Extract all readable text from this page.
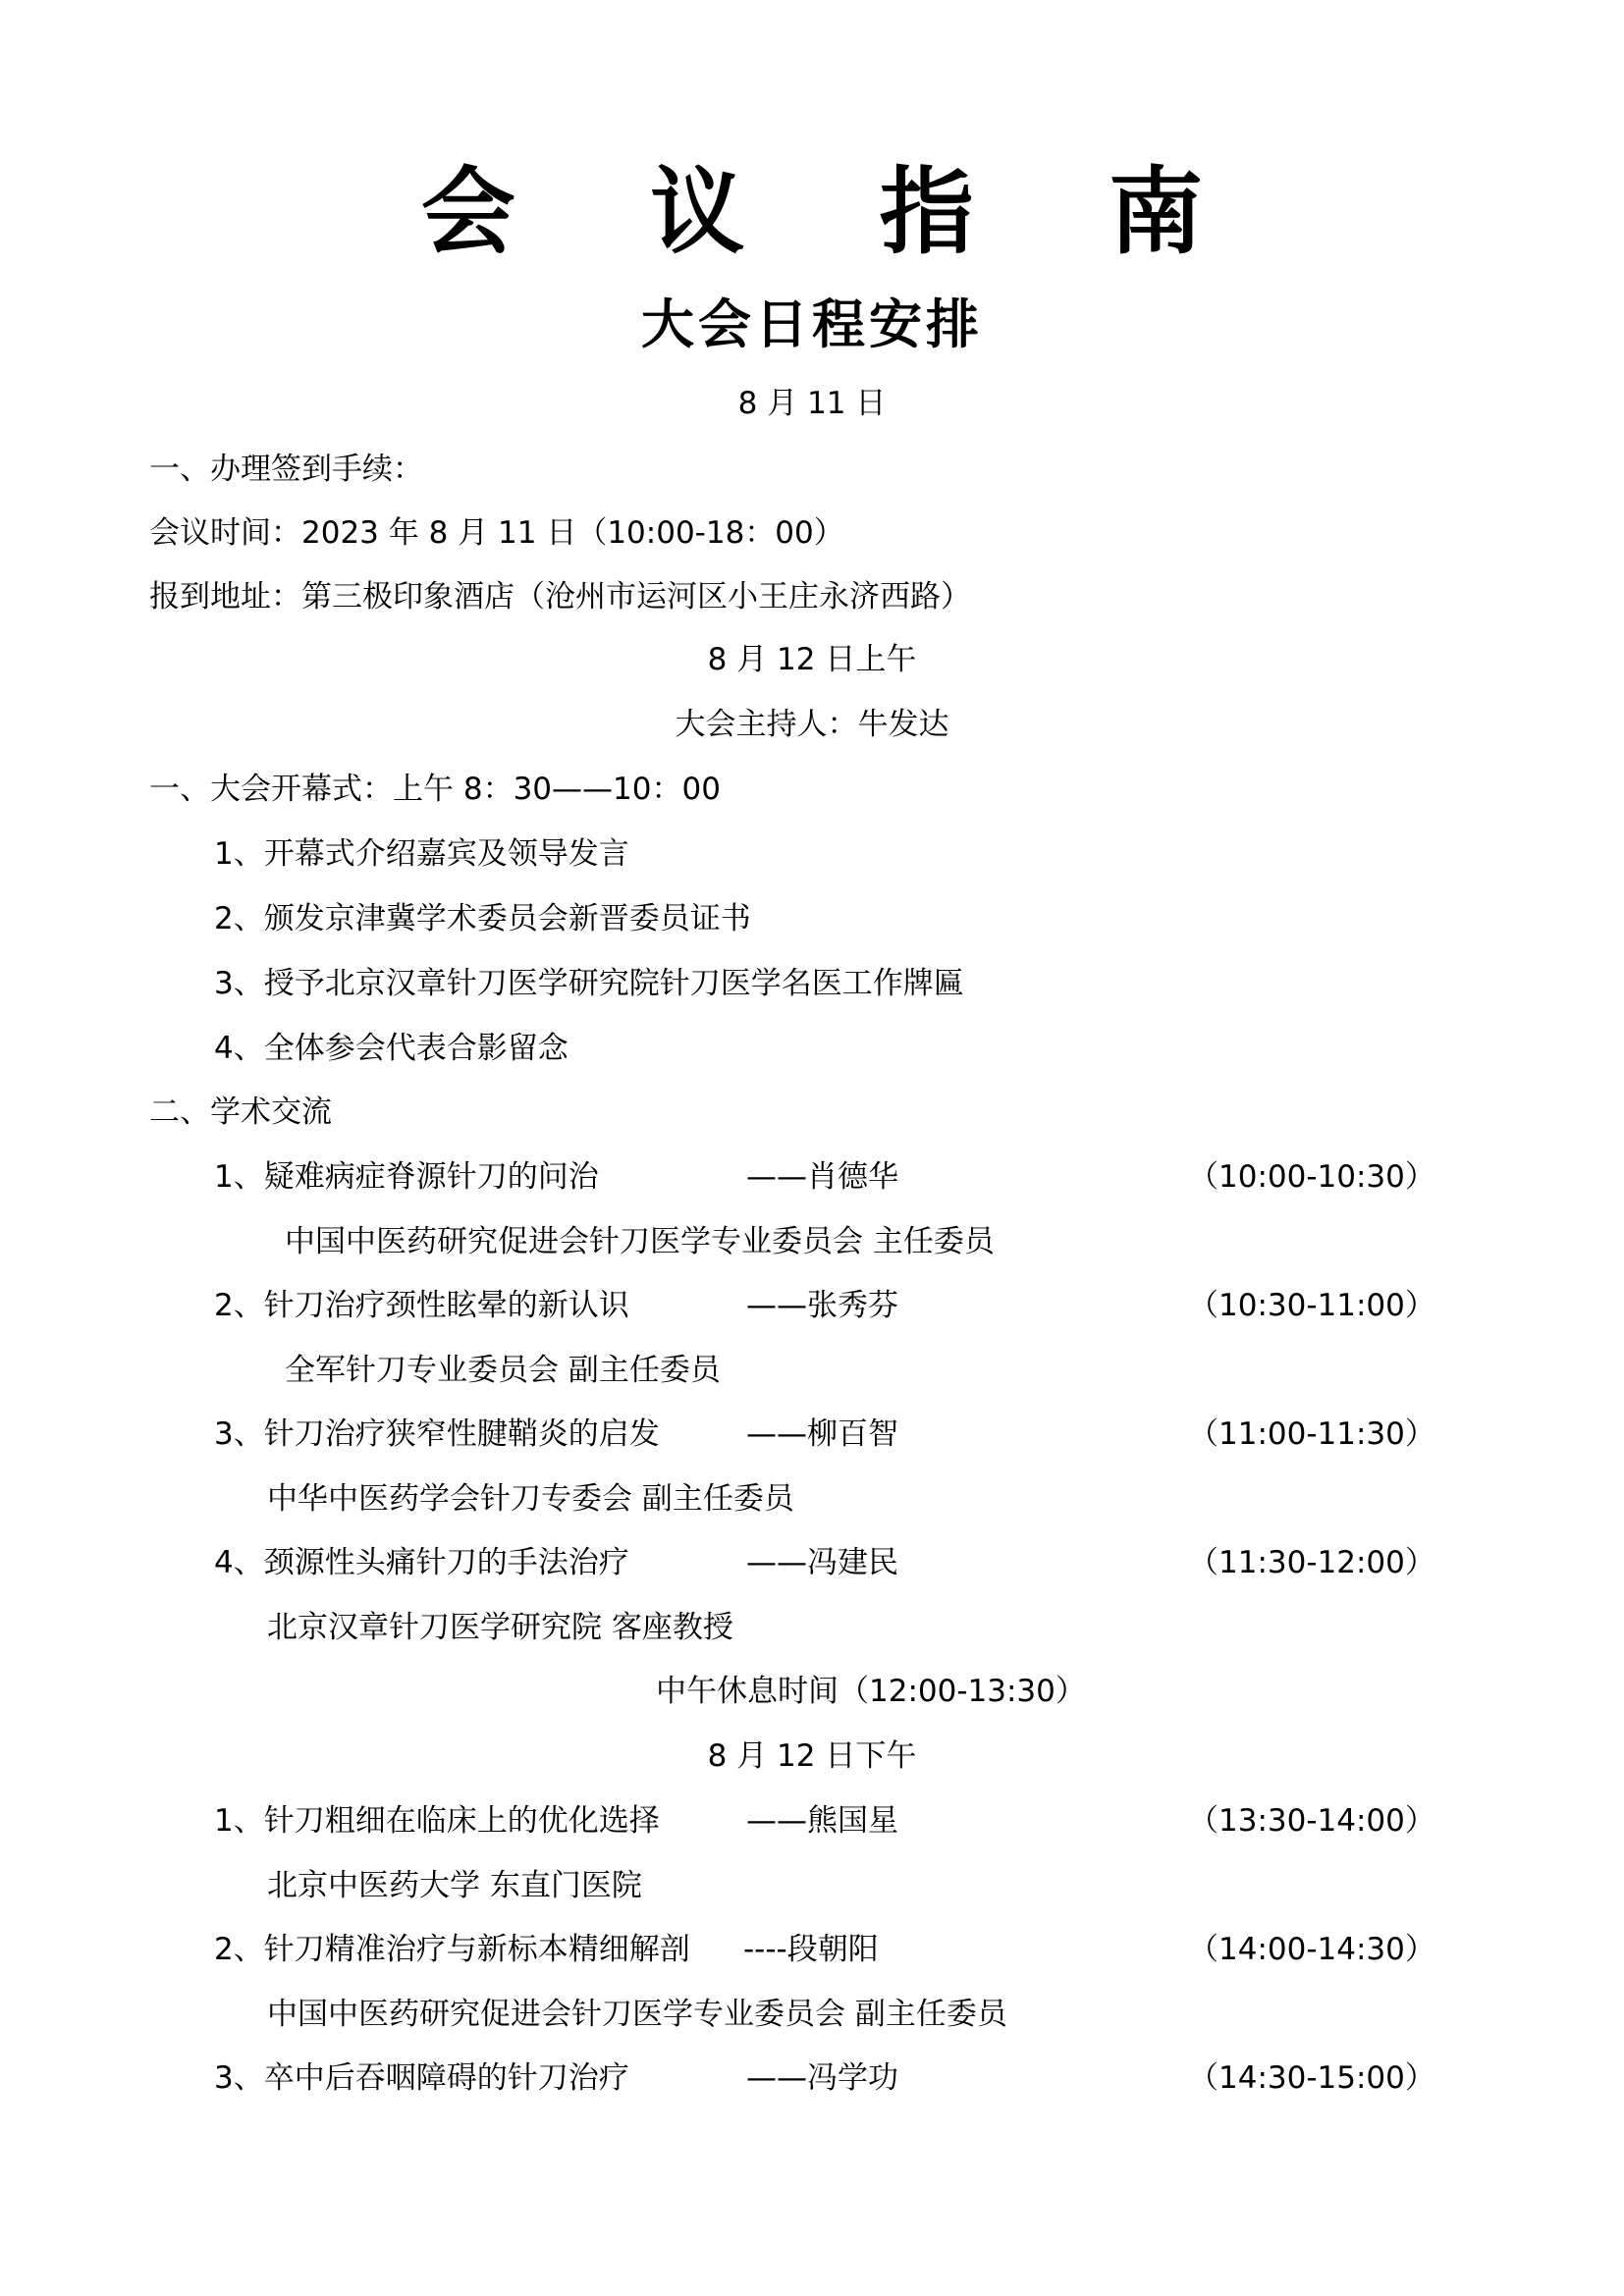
会 议 指 南
大会日程安排
8 月 11 日
一、办理签到手续：
会议时间：2023 年 8 月 11 日（10:00-18：00）
报到地址：第三极印象酒店（沧州市运河区小王庄永济西路）
8 月 12 日上午
大会主持人：牛发达
一、大会开幕式：上午 8：30——10：00
1、开幕式介绍嘉宾及领导发言
2、颁发京津冀学术委员会新晋委员证书
3、授予北京汉章针刀医学研究院针刀医学名医工作牌匾
4、全体参会代表合影留念
二、学术交流
1、疑难病症脊源针刀的问治	——肖德华	（10:00-10:30）
中国中医药研究促进会针刀医学专业委员会 主任委员
2、针刀治疗颈性眩晕的新认识	——张秀芬	（10:30-11:00）
全军针刀专业委员会 副主任委员
3、针刀治疗狭窄性腱鞘炎的启发	——柳百智	（11:00-11:30）
中华中医药学会针刀专委会 副主任委员
4、颈源性头痛针刀的手法治疗	——冯建民	（11:30-12:00）
北京汉章针刀医学研究院 客座教授
中午休息时间（12:00-13:30）
8 月 12 日下午
1、针刀粗细在临床上的优化选择	——熊国星	（13:30-14:00）
北京中医药大学 东直门医院
2、针刀精准治疗与新标本精细解剖 ----段朝阳	（14:00-14:30）
中国中医药研究促进会针刀医学专业委员会 副主任委员
3、卒中后吞咽障碍的针刀治疗	——冯学功	（14:30-15:00）
